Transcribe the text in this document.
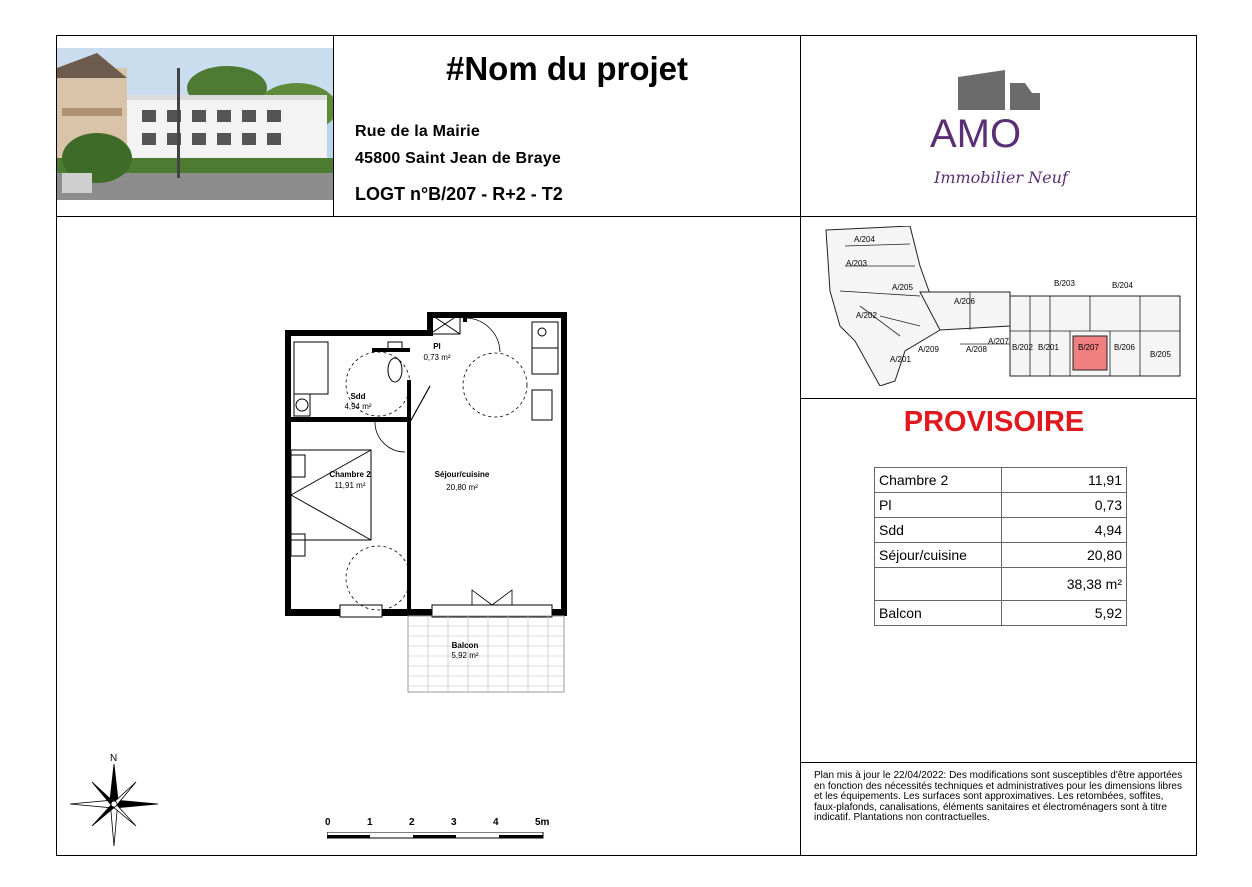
#Nom du projet
Rue de la Mairie
45800 Saint Jean de Braye
LOGT n°B/207 - R+2 - T2
AMO
Immobilier Neuf
A/204
A/203
A/205
A/206
A/202
A/207
A/201
A/209	A/208
B/203	B/204
B/202 B/201 B/207 B/206
B/205
PROVISOIRE
Chambre 2	11,91
Pl	0,73
Sdd	4,94
Séjour/cuisine	20,80
	38,38 m²
Balcon	5,92
Plan mis à jour le 22/04/2022: Des modifications sont susceptibles d'être apportées en fonction des nécessités techniques et administratives pour les dimensions libres et les équipements. Les surfaces sont approximatives. Les retombées, soffites, faux-plafonds, canalisations, éléments sanitaires et électroménagers sont à titre indicatif. Plantations non contractuelles.
Pl
0,73 m²
Sdd
4,94 m²
Chambre 2
11,91 m²
Séjour/cuisine
20,80 m²
Balcon
5,92 m²
N
0	1	2	3	4	5m
